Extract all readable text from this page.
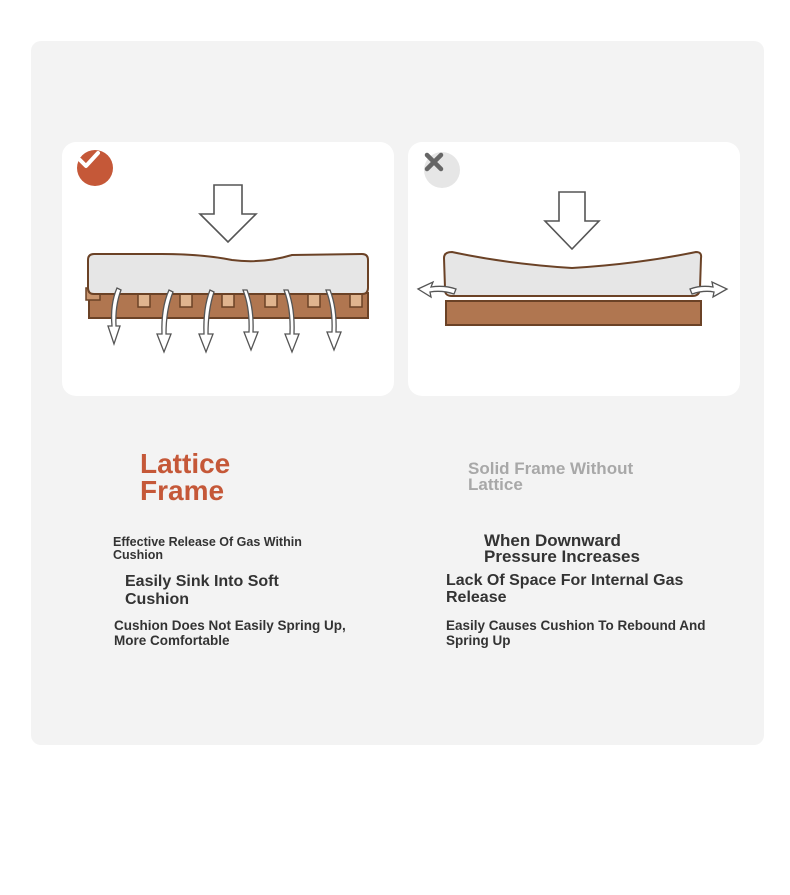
Lattice Frame
Effective Release Of Gas Within Cushion
Easily Sink Into Soft Cushion
Cushion Does Not Easily Spring Up, More Comfortable
Solid Frame Without Lattice
When Downward Pressure Increases
Lack Of Space For Internal Gas Release
Easily Causes Cushion To Rebound And Spring Up
